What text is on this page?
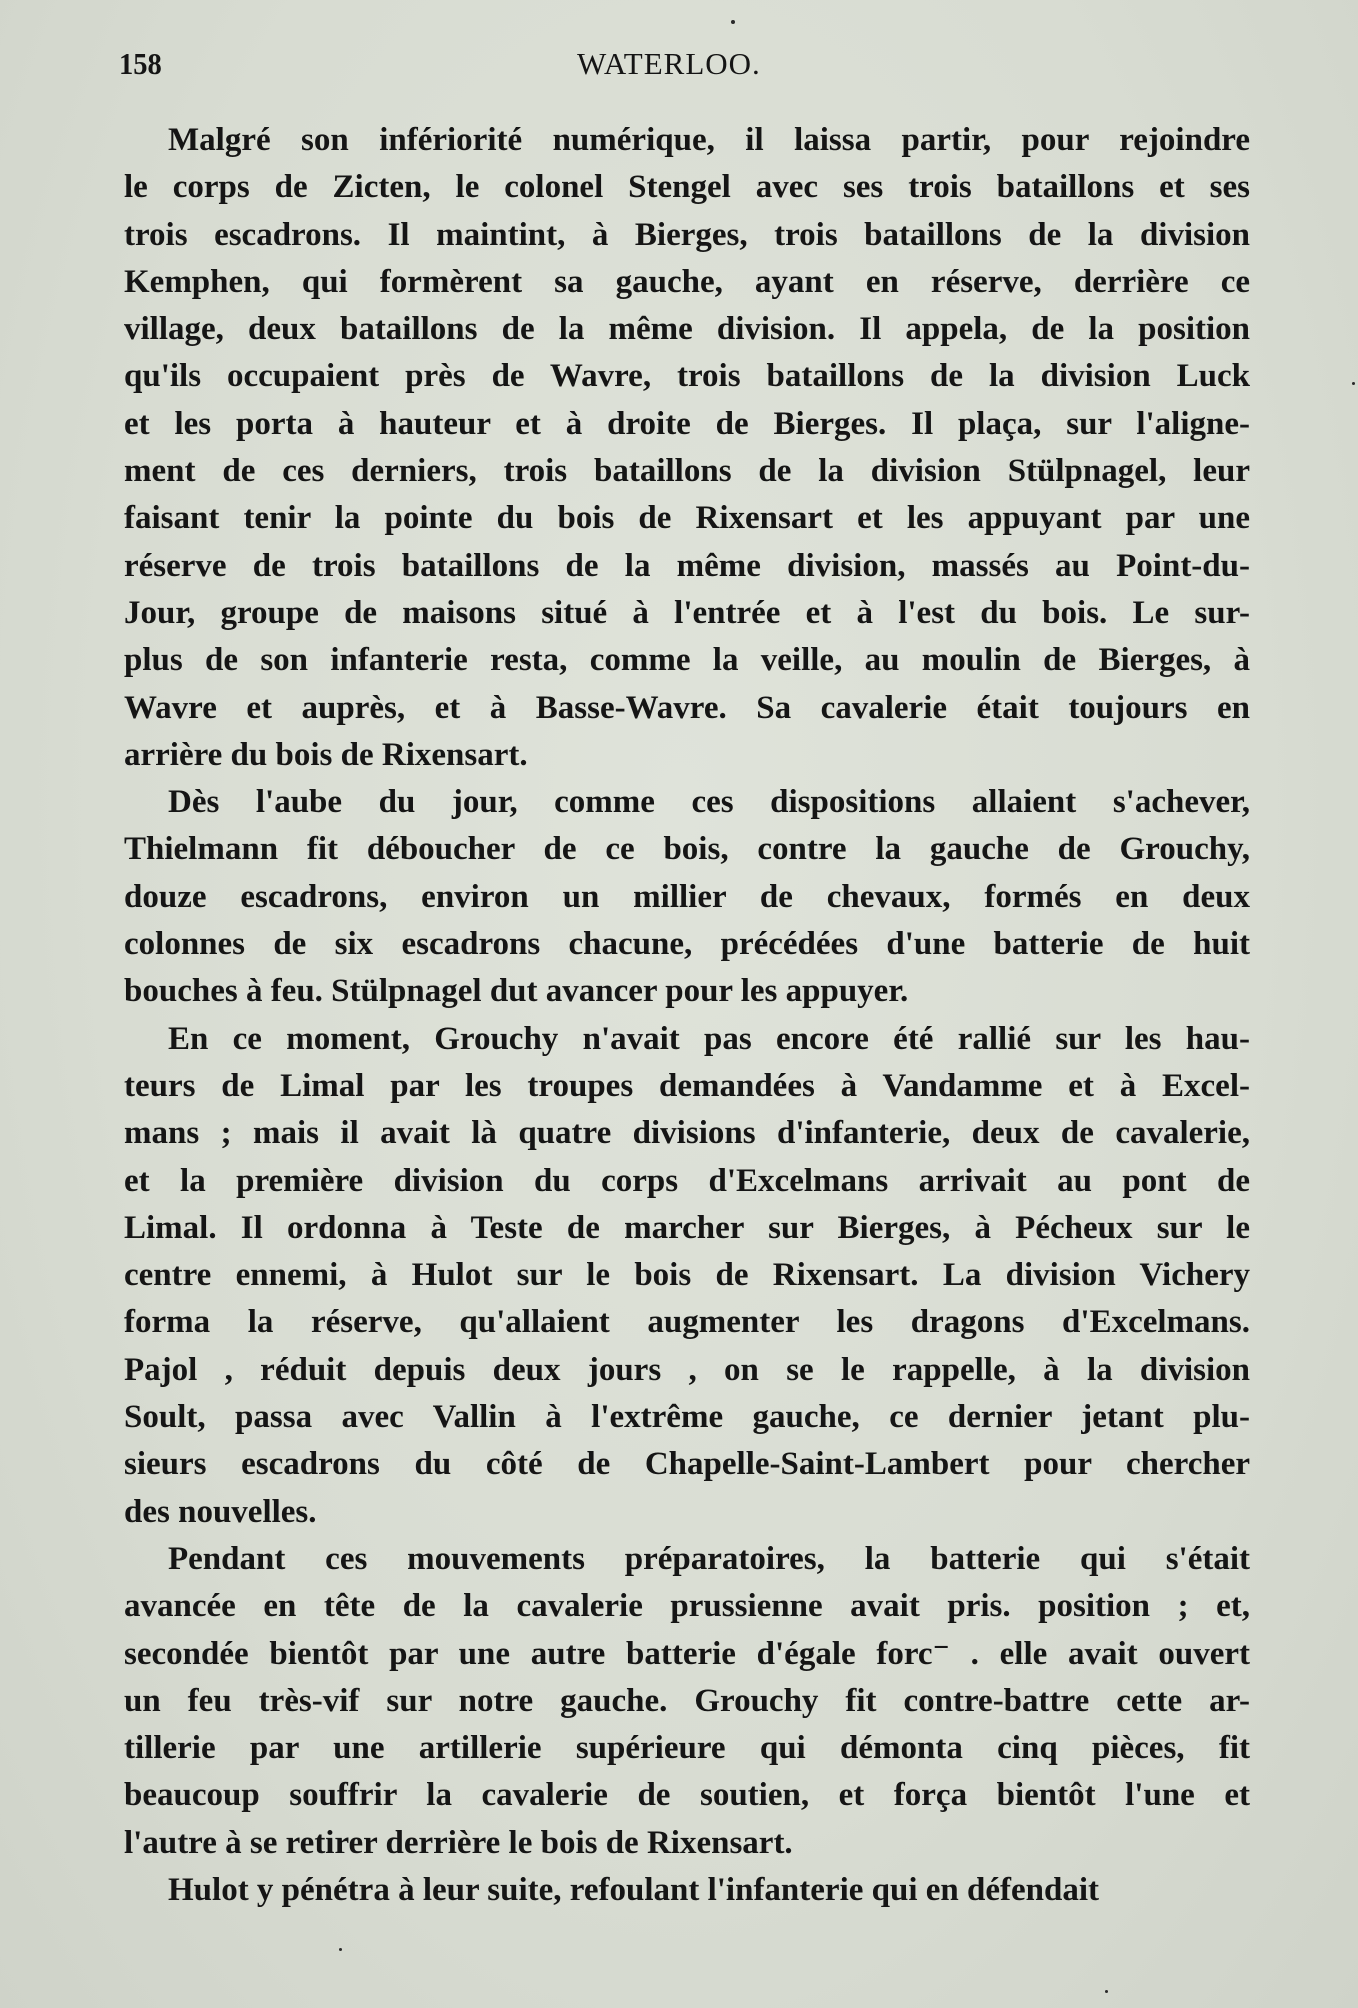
158	WATERLOO.
Malgré son infériorité numérique, il laissa partir, pour rejoindre
le corps de Zicten, le colonel Stengel avec ses trois bataillons et ses
trois escadrons. Il maintint, à Bierges, trois bataillons de la division
Kemphen, qui formèrent sa gauche, ayant en réserve, derrière ce
village, deux bataillons de la même division. Il appela, de la position
qu'ils occupaient près de Wavre, trois bataillons de la division Luck
et les porta à hauteur et à droite de Bierges. Il plaça, sur l'aligne-
ment de ces derniers, trois bataillons de la division Stülpnagel, leur
faisant tenir la pointe du bois de Rixensart et les appuyant par une
réserve de trois bataillons de la même division, massés au Point-du-
Jour, groupe de maisons situé à l'entrée et à l'est du bois. Le sur-
plus de son infanterie resta, comme la veille, au moulin de Bierges, à
Wavre et auprès, et à Basse-Wavre. Sa cavalerie était toujours en
arrière du bois de Rixensart.
Dès l'aube du jour, comme ces dispositions allaient s'achever,
Thielmann fit déboucher de ce bois, contre la gauche de Grouchy,
douze escadrons, environ un millier de chevaux, formés en deux
colonnes de six escadrons chacune, précédées d'une batterie de huit
bouches à feu. Stülpnagel dut avancer pour les appuyer.
En ce moment, Grouchy n'avait pas encore été rallié sur les hau-
teurs de Limal par les troupes demandées à Vandamme et à Excel-
mans ; mais il avait là quatre divisions d'infanterie, deux de cavalerie,
et la première division du corps d'Excelmans arrivait au pont de
Limal. Il ordonna à Teste de marcher sur Bierges, à Pécheux sur le
centre ennemi, à Hulot sur le bois de Rixensart. La division Vichery
forma la réserve, qu'allaient augmenter les dragons d'Excelmans.
Pajol , réduit depuis deux jours , on se le rappelle, à la division
Soult, passa avec Vallin à l'extrême gauche, ce dernier jetant plu-
sieurs escadrons du côté de Chapelle-Saint-Lambert pour chercher
des nouvelles.
Pendant ces mouvements préparatoires, la batterie qui s'était
avancée en tête de la cavalerie prussienne avait pris. position ; et,
secondée bientôt par une autre batterie d'égale forc⁻ . elle avait ouvert
un feu très-vif sur notre gauche. Grouchy fit contre-battre cette ar-
tillerie par une artillerie supérieure qui démonta cinq pièces, fit
beaucoup souffrir la cavalerie de soutien, et força bientôt l'une et
l'autre à se retirer derrière le bois de Rixensart.
Hulot y pénétra à leur suite, refoulant l'infanterie qui en défendait
